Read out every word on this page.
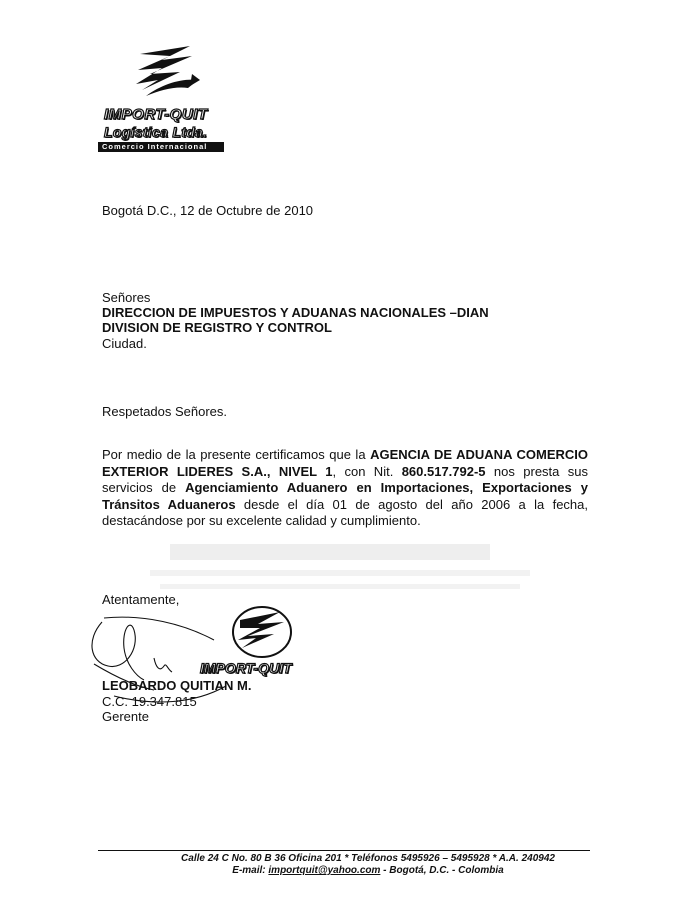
IMPORT-QUIT
Logística Ltda.
Comercio Internacional
Bogotá D.C., 12 de Octubre de 2010
Señores
DIRECCION DE IMPUESTOS Y ADUANAS NACIONALES –DIAN
DIVISION DE REGISTRO Y CONTROL
Ciudad.
Respetados Señores.
Por medio de la presente certificamos que la AGENCIA DE ADUANA COMERCIO EXTERIOR LIDERES S.A., NIVEL 1, con Nit. 860.517.792-5 nos presta sus servicios de Agenciamiento Aduanero en Importaciones, Exportaciones y Tránsitos Aduaneros desde el día 01 de agosto del año 2006 a la fecha, destacándose por su excelente calidad y cumplimiento.
Atentamente,
IMPORT-QUIT
LEOBARDO QUITIAN M.
C.C. 19.347.815
Gerente
Calle 24 C No. 80 B 36 Oficina 201 * Teléfonos 5495926 – 5495928 * A.A. 240942
E-mail: importquit@yahoo.com - Bogotá, D.C. - Colombia
